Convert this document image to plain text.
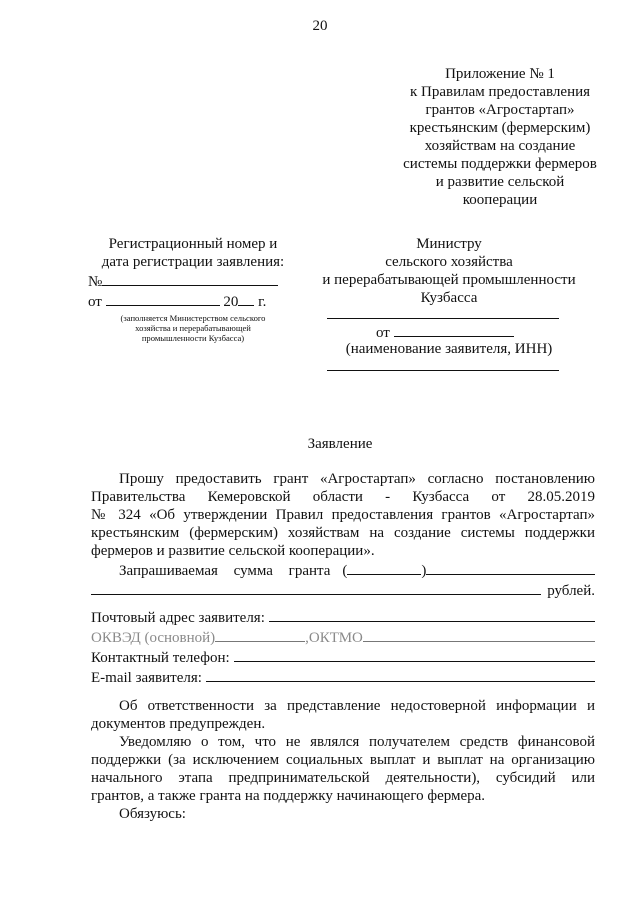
20
Приложение № 1
к Правилам предоставления
грантов «Агростартап»
крестьянским (фермерским)
хозяйствам на создание
системы поддержки фермеров
и развитие сельской
кооперации
Регистрационный номер и
дата регистрации заявления:
№
от	20 г.
(заполняется Министерством сельского
хозяйства и перерабатывающей
промышленности Кузбасса)
Министру
сельского хозяйства
и перерабатывающей промышленности
Кузбасса
от
(наименование заявителя, ИНН)
Заявление
Прошу предоставить грант «Агростартап» согласно постановлению
Правительства Кемеровской области - Кузбасса от 28.05.2019
№ 324 «Об утверждении Правил предоставления грантов «Агростартап»
крестьянским (фермерским) хозяйствам на создание системы поддержки
фермеров и развитие сельской кооперации».
Запрашиваемая сумма гранта (	)
рублей.
Почтовый адрес заявителя:
ОКВЭД (основной)	,ОКТМО
Контактный телефон:
E-mail заявителя:
Об ответственности за представление недостоверной информации и
документов предупрежден.
Уведомляю о том, что не являлся получателем средств финансовой
поддержки (за исключением социальных выплат и выплат на организацию
начального этапа предпринимательской деятельности), субсидий или
грантов, а также гранта на поддержку начинающего фермера.
Обязуюсь:
